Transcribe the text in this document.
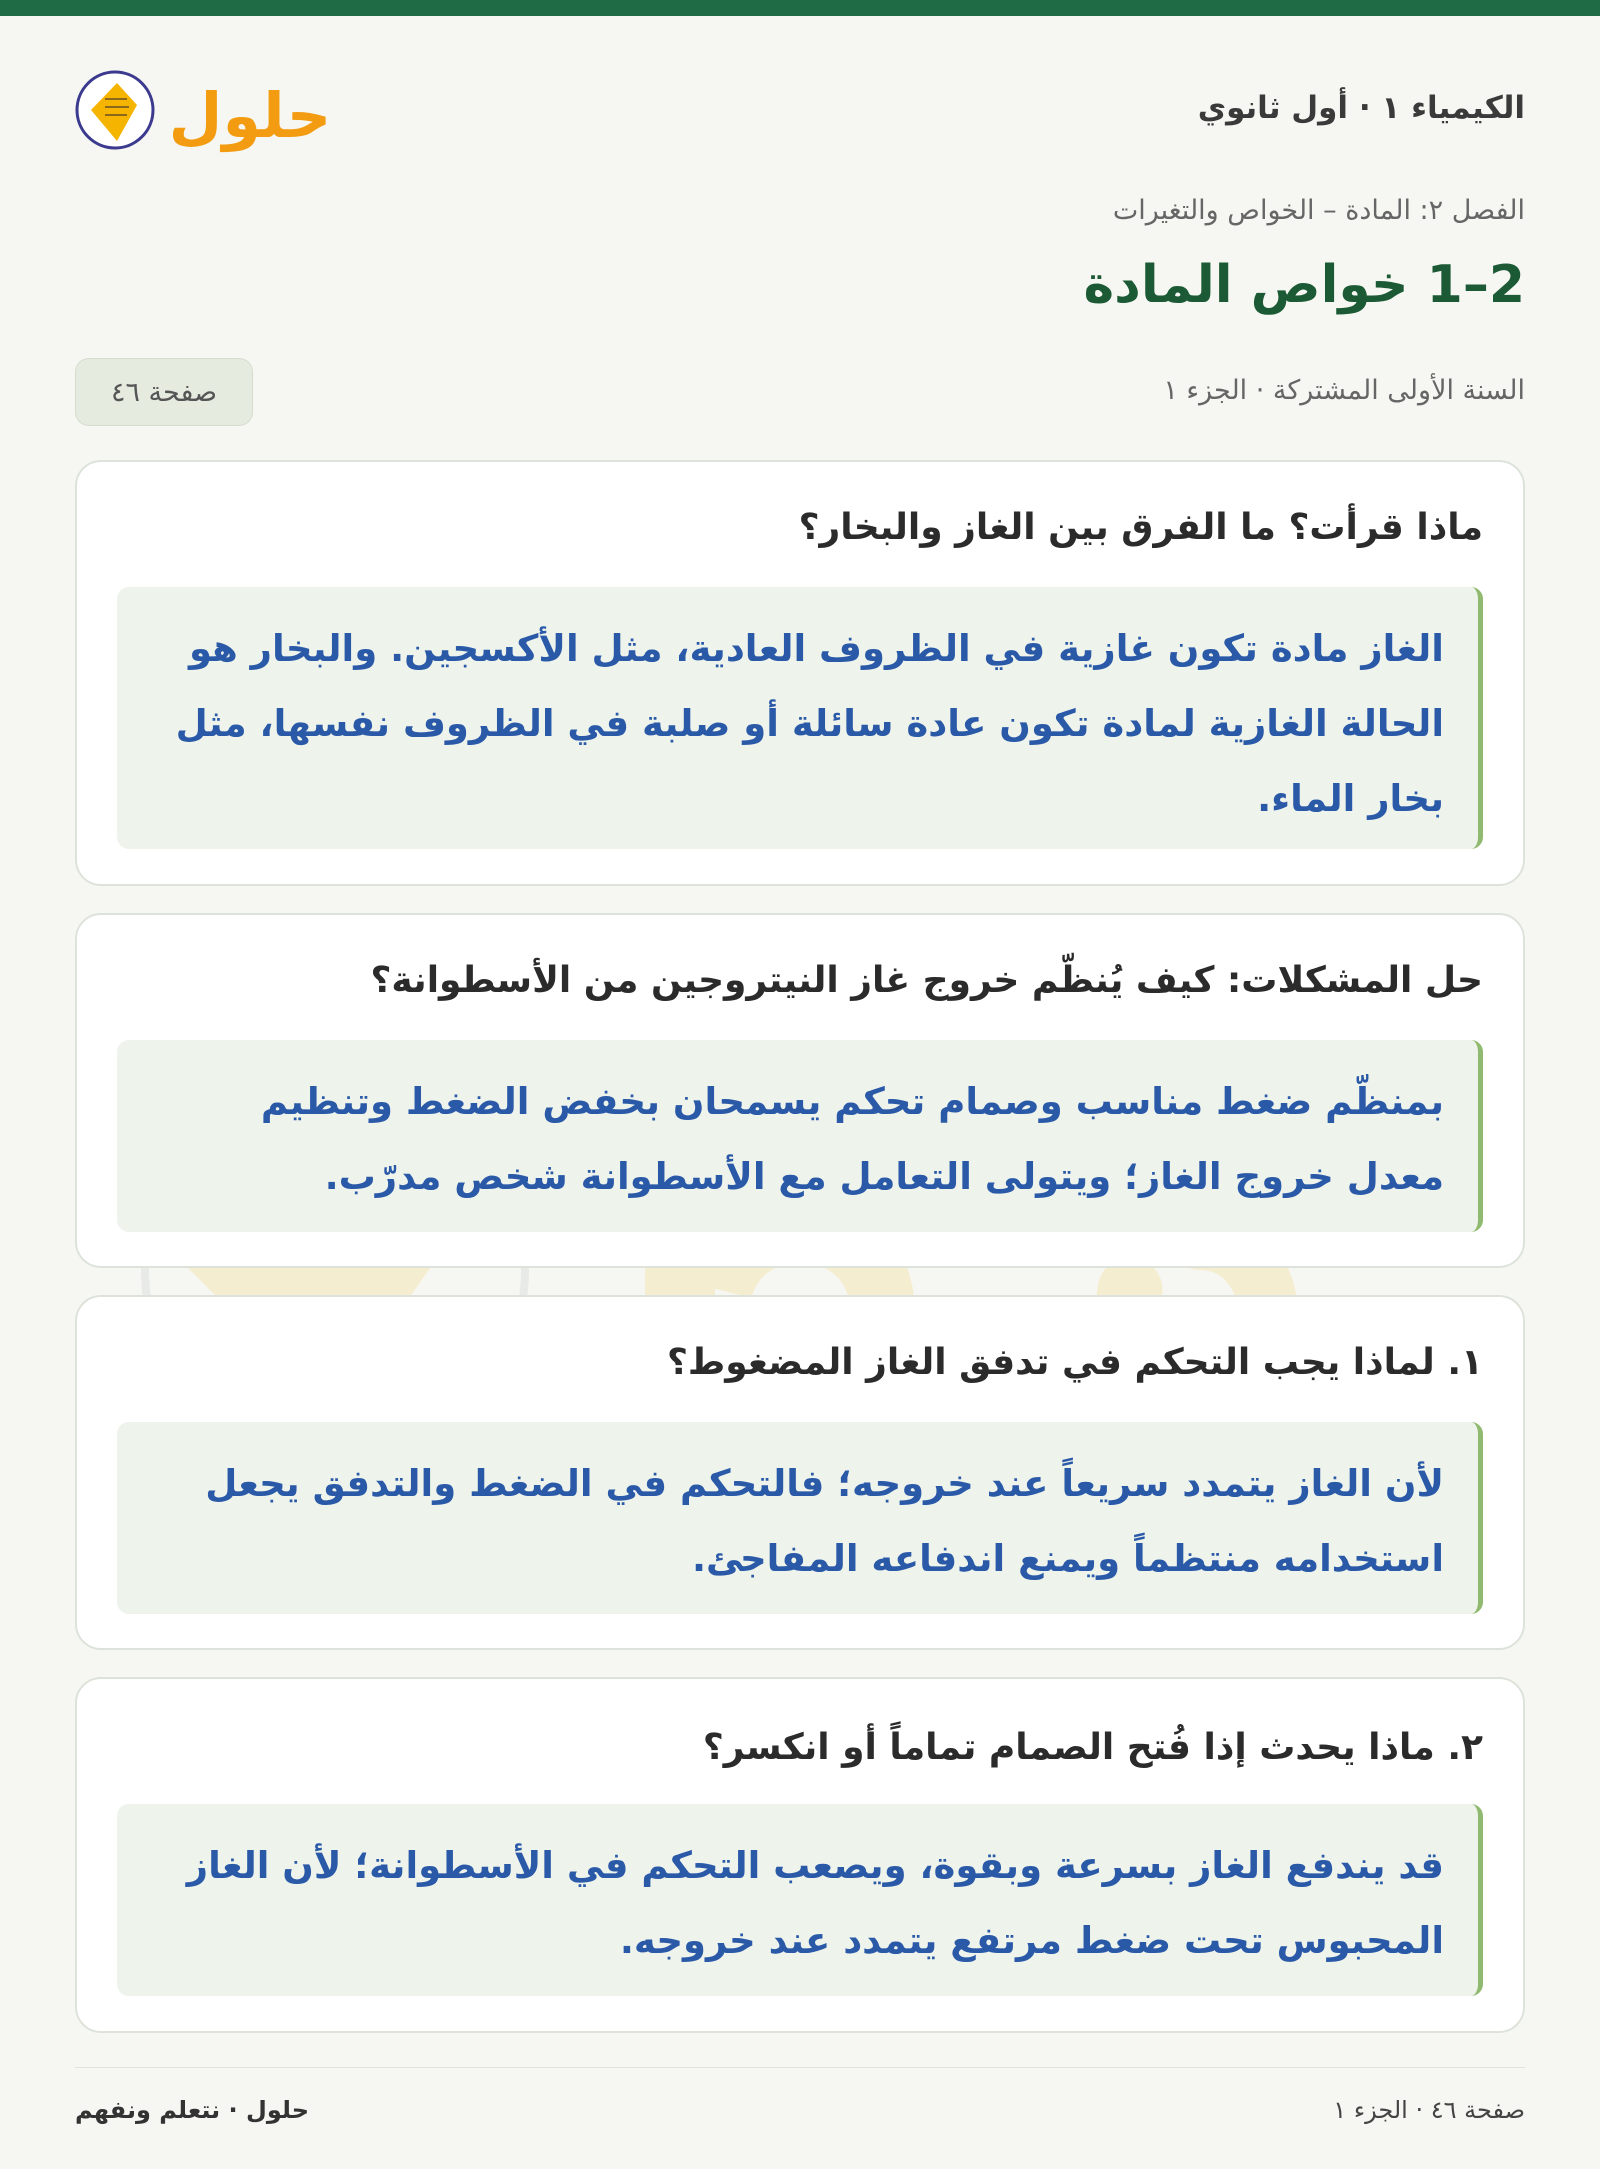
الكيمياء ١ · أول ثانوي
حلول
الفصل ٢: المادة – الخواص والتغيرات
2–1 خواص المادة
السنة الأولى المشتركة · الجزء ١
صفحة ٤٦
ماذا قرأت؟ ما الفرق بين الغاز والبخار؟

الغاز مادة تكون غازية في الظروف العادية، مثل الأكسجين. والبخار هو الحالة الغازية لمادة تكون عادة سائلة أو صلبة في الظروف نفسها، مثل بخار الماء.

حل المشكلات: كيف يُنظّم خروج غاز النيتروجين من الأسطوانة؟

بمنظّم ضغط مناسب وصمام تحكم يسمحان بخفض الضغط وتنظيم معدل خروج الغاز؛ ويتولى التعامل مع الأسطوانة شخص مدرّب.

١. لماذا يجب التحكم في تدفق الغاز المضغوط؟

لأن الغاز يتمدد سريعاً عند خروجه؛ فالتحكم في الضغط والتدفق يجعل استخدامه منتظماً ويمنع اندفاعه المفاجئ.

٢. ماذا يحدث إذا فُتح الصمام تماماً أو انكسر؟

قد يندفع الغاز بسرعة وبقوة، ويصعب التحكم في الأسطوانة؛ لأن الغاز المحبوس تحت ضغط مرتفع يتمدد عند خروجه.

صفحة ٤٦ · الجزء ١
حلول · نتعلم ونفهم
